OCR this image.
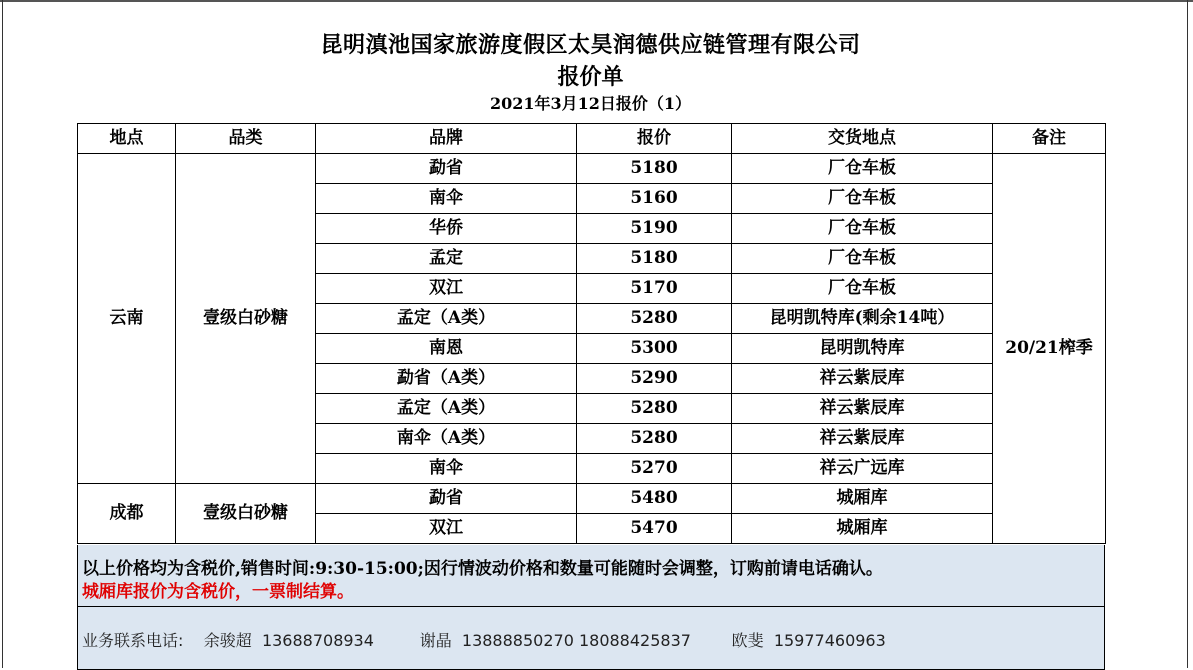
昆明滇池国家旅游度假区太昊润德供应链管理有限公司
报价单
2021年3月12日报价（1）
地点	品类	品牌	报价	交货地点	备注
云南	壹级白砂糖	勐省	5180	厂仓车板	20/21榨季
		南伞	5160	厂仓车板	
		华侨	5190	厂仓车板	
		孟定	5180	厂仓车板	
		双江	5170	厂仓车板	
		孟定（A类）	5280	昆明凯特库(剩余14吨）	
		南恩	5300	昆明凯特库	
		勐省（A类）	5290	祥云紫辰库	
		孟定（A类）	5280	祥云紫辰库	
		南伞（A类）	5280	祥云紫辰库	
		南伞	5270	祥云广远库	
成都	壹级白砂糖	勐省	5480	城厢库	
		双江	5470	城厢库	
以上价格均为含税价,销售时间:9:30-15:00;因行情波动价格和数量可能随时会调整，订购前请电话确认。
城厢库报价为含税价，一票制结算。
业务联系电话: 余骏超 13688708934	谢晶 13888850270 18088425837	欧斐 15977460963
